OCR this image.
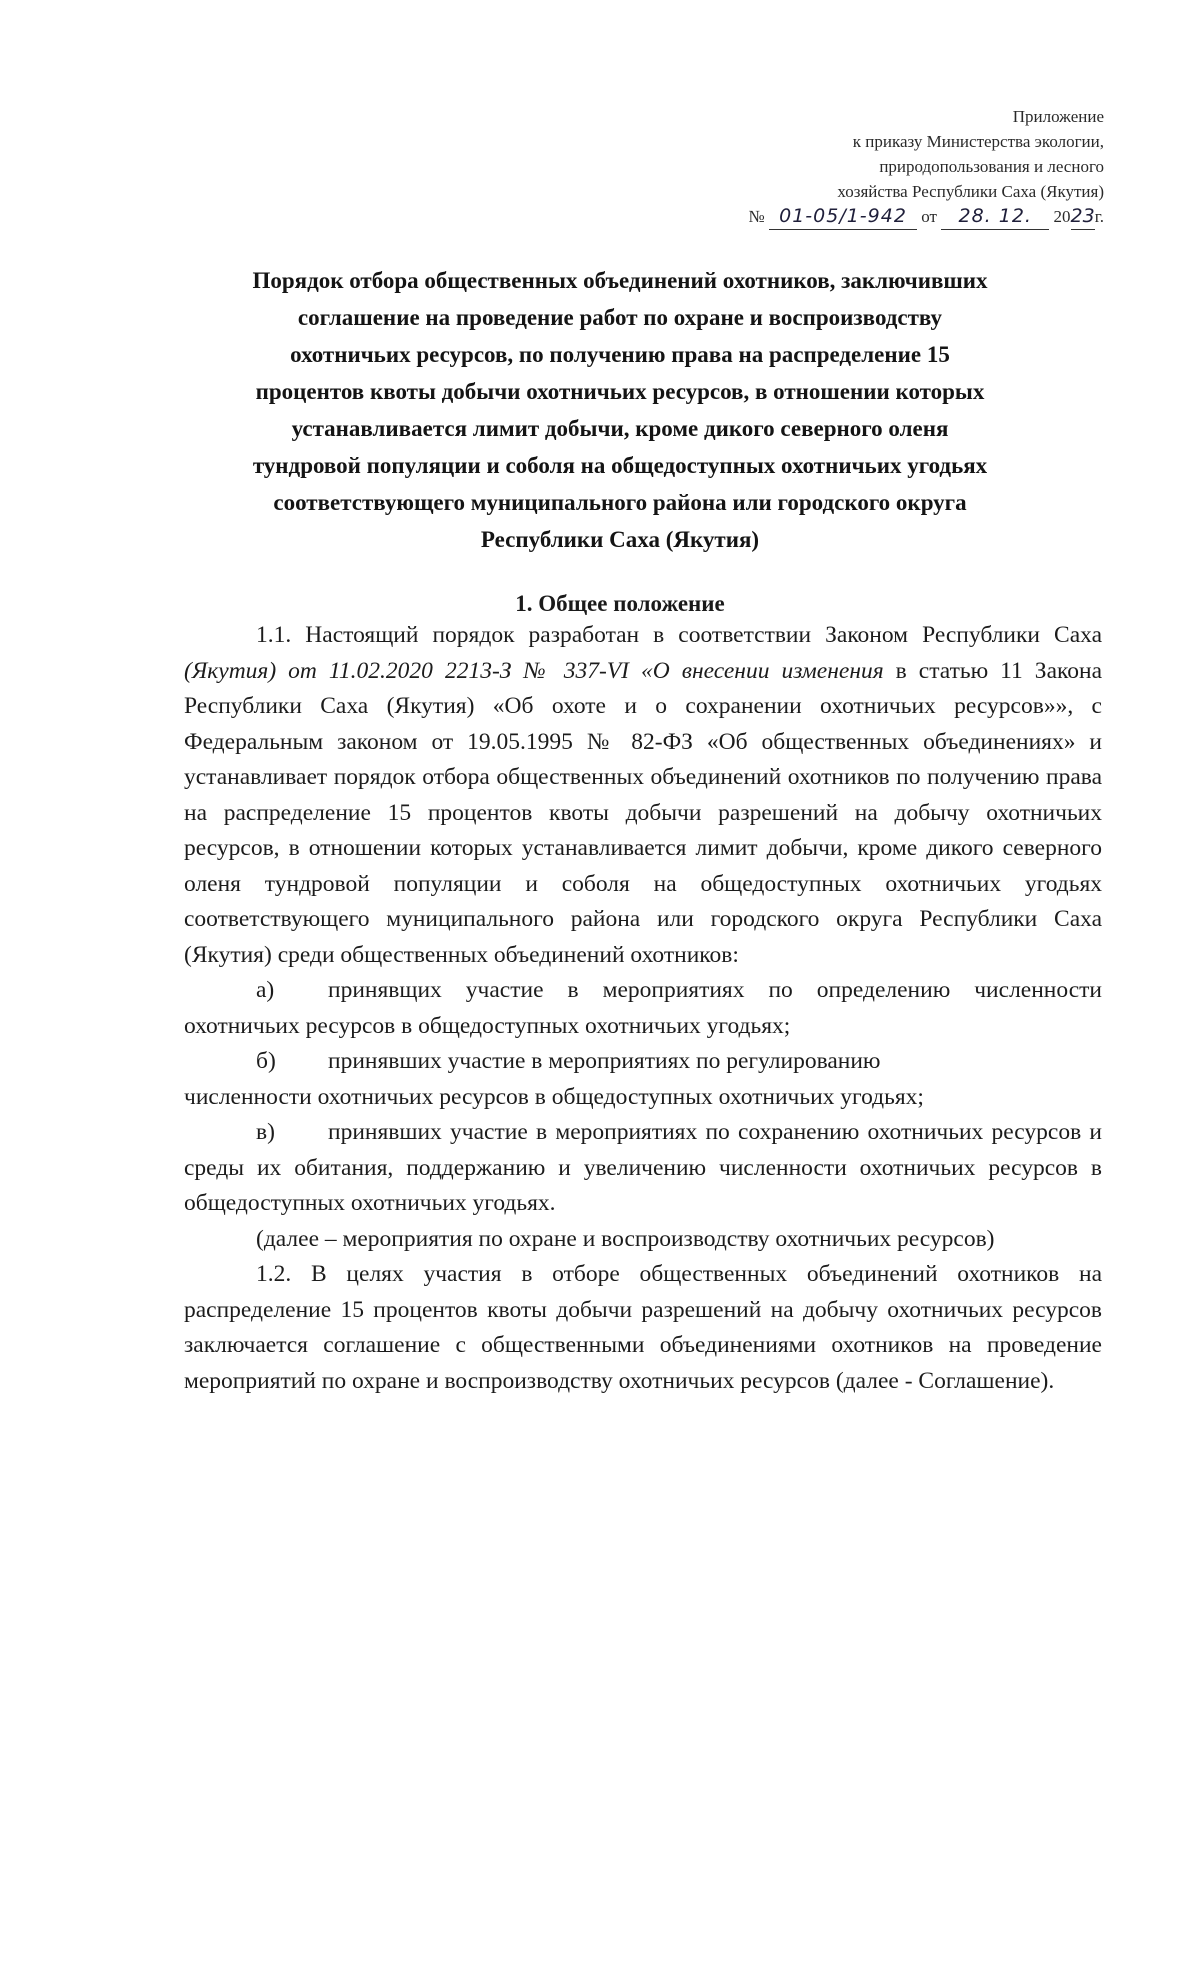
Приложение
к приказу Министерства экологии,
природопользования и лесного
хозяйства Республики Саха (Якутия)
№ 01-05/1-942 от 28. 12. 2023г.
Порядок отбора общественных объединений охотников, заключивших
соглашение на проведение работ по охране и воспроизводству
охотничьих ресурсов, по получению права на распределение 15
процентов квоты добычи охотничьих ресурсов, в отношении которых
устанавливается лимит добычи, кроме дикого северного оленя
тундровой популяции и соболя на общедоступных охотничьих угодьях
соответствующего муниципального района или городского округа
Республики Саха (Якутия)
1. Общее положение

1.1. Настоящий порядок разработан в соответствии Законом Республики Саха (Якутия) от 11.02.2020 2213-З № 337-VI «О внесении изменения в статью 11 Закона Республики Саха (Якутия) «Об охоте и о сохранении охотничьих ресурсов»», с Федеральным законом от 19.05.1995 № 82-ФЗ «Об общественных объединениях» и устанавливает порядок отбора общественных объединений охотников по получению права на распределение 15 процентов квоты добычи разрешений на добычу охотничьих ресурсов, в отношении которых устанавливается лимит добычи, кроме дикого северного оленя тундровой популяции и соболя на общедоступных охотничьих угодьях соответствующего муниципального района или городского округа Республики Саха (Якутия) среди общественных объединений охотников:

а) принявщих участие в мероприятиях по определению численности охотничьих ресурсов в общедоступных охотничьих угодьях;

б) принявших участие в мероприятиях по регулированию

численности охотничьих ресурсов в общедоступных охотничьих угодьях;

в) принявших участие в мероприятиях по сохранению охотничьих ресурсов и среды их обитания, поддержанию и увеличению численности охотничьих ресурсов в общедоступных охотничьих угодьях.

(далее – мероприятия по охране и воспроизводству охотничьих ресурсов)

1.2. В целях участия в отборе общественных объединений охотников на распределение 15 процентов квоты добычи разрешений на добычу охотничьих ресурсов заключается соглашение с общественными объединениями охотников на проведение мероприятий по охране и воспроизводству охотничьих ресурсов (далее - Соглашение).
